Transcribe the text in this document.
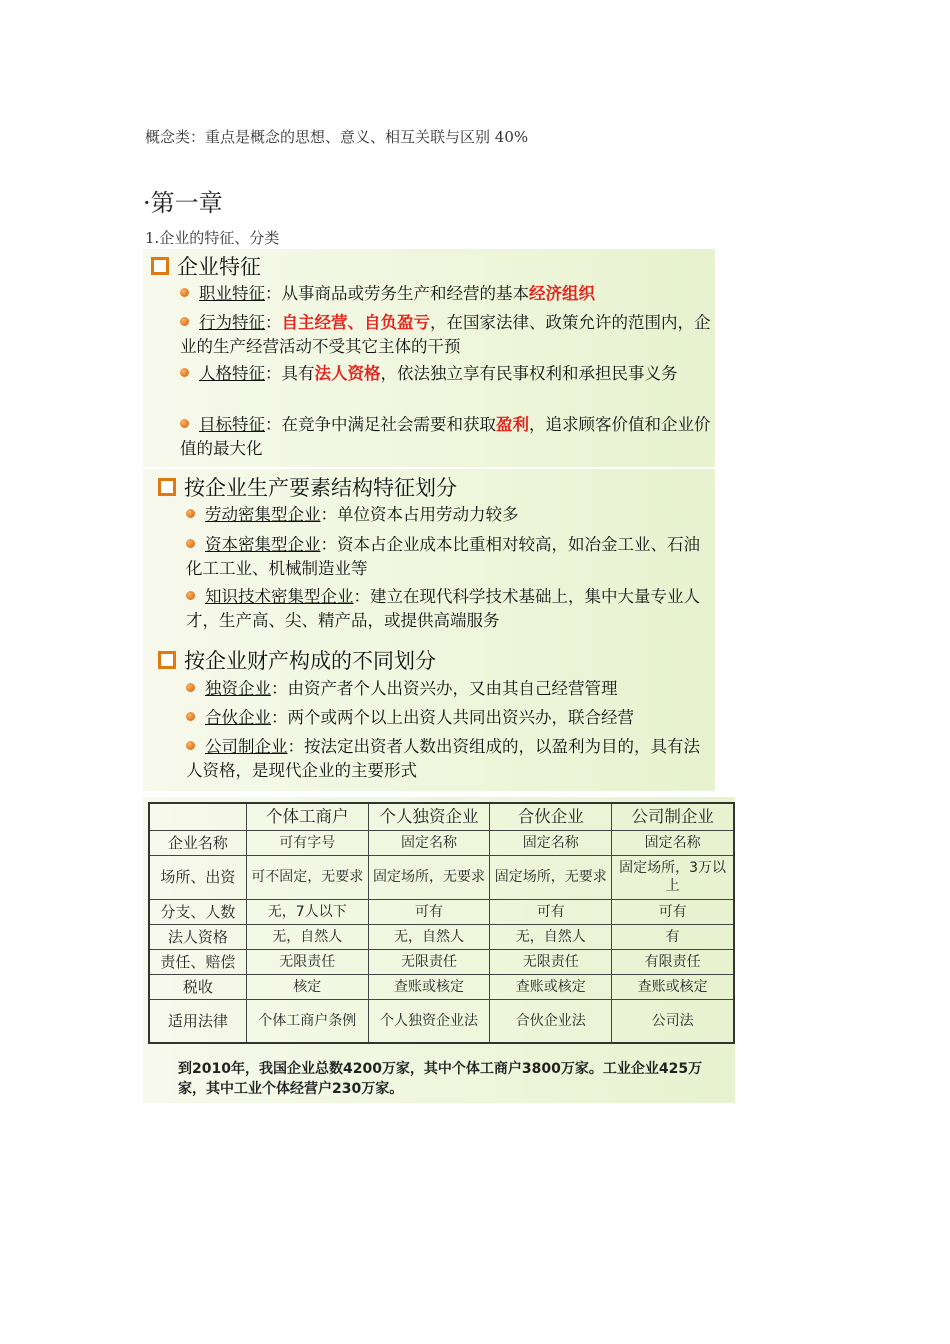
概念类：重点是概念的思想、意义、相互关联与区别 40%
·第一章
1.企业的特征、分类
企业特征
职业特征：从事商品或劳务生产和经营的基本经济组织
行为特征：自主经营、自负盈亏，在国家法律、政策允许的范围内，企业的生产经营活动不受其它主体的干预
人格特征：具有法人资格，依法独立享有民事权利和承担民事义务
目标特征：在竞争中满足社会需要和获取盈利，追求顾客价值和企业价值的最大化
按企业生产要素结构特征划分
劳动密集型企业：单位资本占用劳动力较多
资本密集型企业：资本占企业成本比重相对较高，如冶金工业、石油化工工业、机械制造业等
知识技术密集型企业：建立在现代科学技术基础上，集中大量专业人才，生产高、尖、精产品，或提供高端服务
按企业财产构成的不同划分
独资企业：由资产者个人出资兴办，又由其自己经营管理
合伙企业：两个或两个以上出资人共同出资兴办，联合经营
公司制企业：按法定出资者人数出资组成的，以盈利为目的，具有法人资格，是现代企业的主要形式
	个体工商户	个人独资企业	合伙企业	公司制企业
企业名称	可有字号	固定名称	固定名称	固定名称
场所、出资	可不固定，无要求	固定场所，无要求	固定场所，无要求	固定场所，3万以上
分支、人数	无，7人以下	可有	可有	可有
法人资格	无，自然人	无，自然人	无，自然人	有
责任、赔偿	无限责任	无限责任	无限责任	有限责任
税收	核定	查账或核定	查账或核定	查账或核定
适用法律	个体工商户条例	个人独资企业法	合伙企业法	公司法
到2010年，我国企业总数4200万家，其中个体工商户3800万家。工业企业425万家，其中工业个体经营户230万家。
